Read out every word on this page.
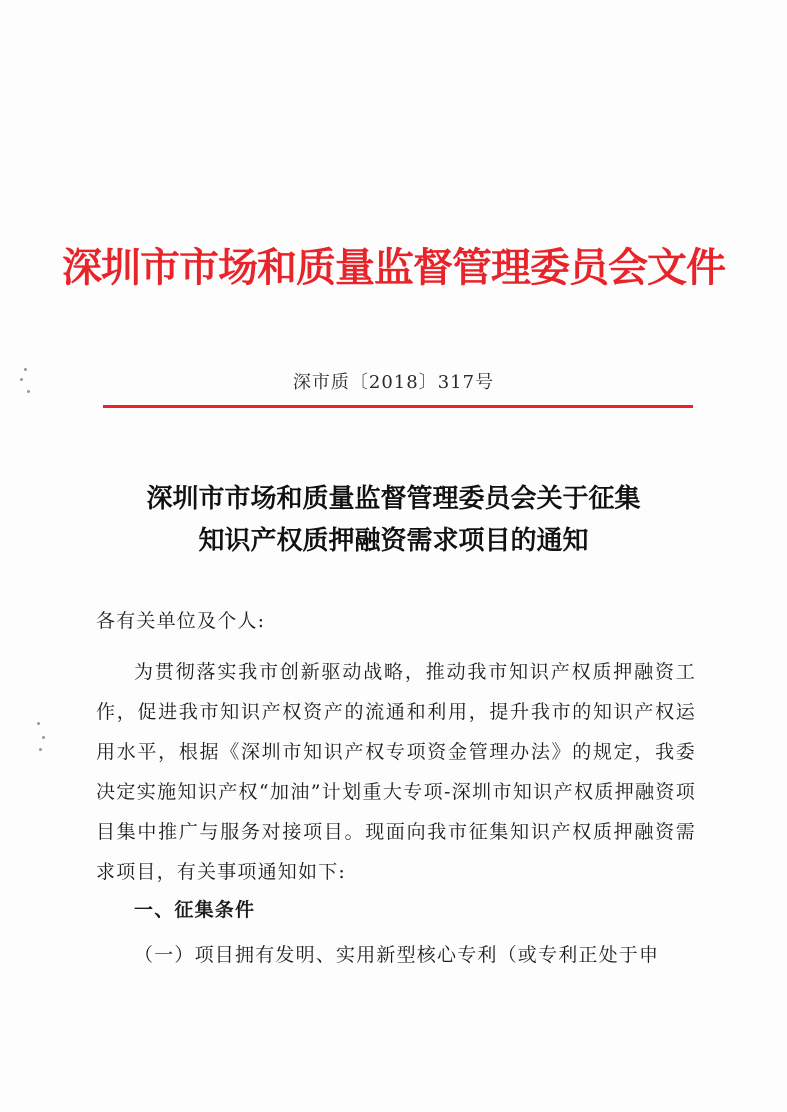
深圳市市场和质量监督管理委员会文件
深市质〔2018〕317号
深圳市市场和质量监督管理委员会关于征集
知识产权质押融资需求项目的通知
各有关单位及个人:
为贯彻落实我市创新驱动战略，推动我市知识产权质押融资工作，促进我市知识产权资产的流通和利用，提升我市的知识产权运用水平，根据《深圳市知识产权专项资金管理办法》的规定，我委决定实施知识产权“加油”计划重大专项-深圳市知识产权质押融资项目集中推广与服务对接项目。现面向我市征集知识产权质押融资需求项目，有关事项通知如下:
一、征集条件
（一）项目拥有发明、实用新型核心专利（或专利正处于申
